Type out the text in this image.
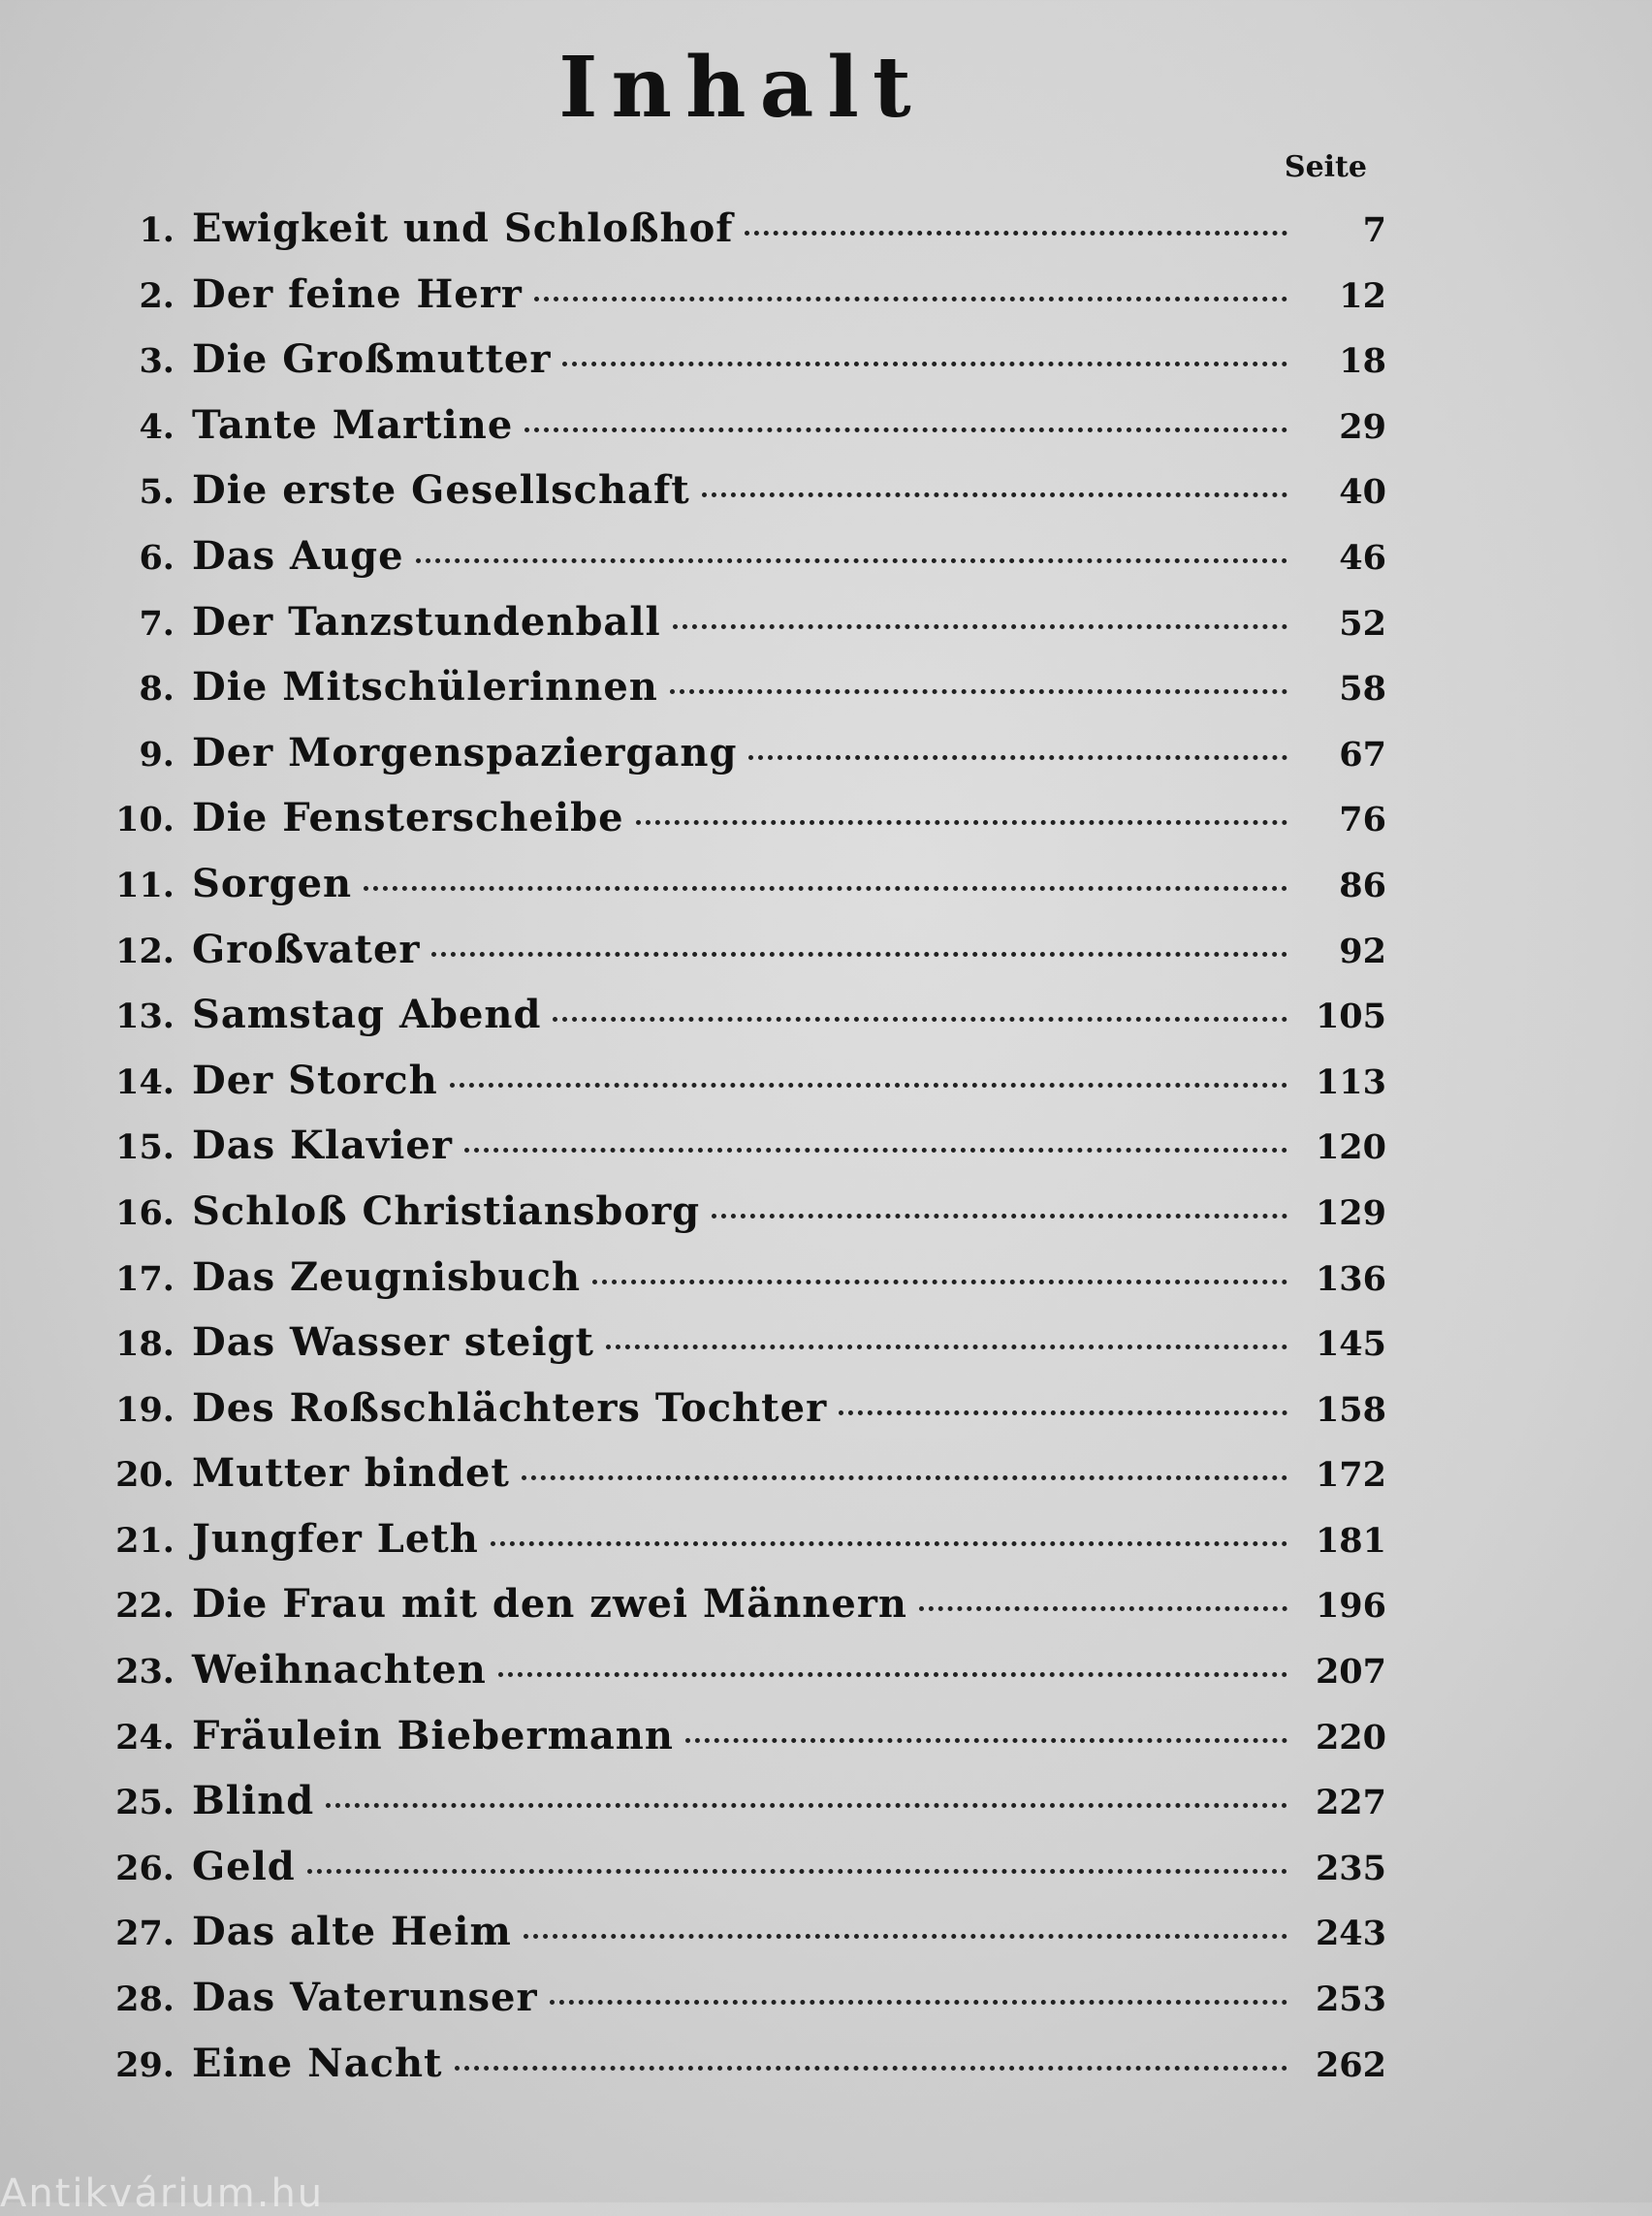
Inhalt
Seite
1. Ewigkeit und Schloßhof	7
2. Der feine Herr	12
3. Die Großmutter	18
4. Tante Martine	29
5. Die erste Gesellschaft	40
6. Das Auge	46
7. Der Tanzstundenball	52
8. Die Mitschülerinnen	58
9. Der Morgenspaziergang	67
10. Die Fensterscheibe	76
11. Sorgen	86
12. Großvater	92
13. Samstag Abend	105
14. Der Storch	113
15. Das Klavier	120
16. Schloß Christiansborg	129
17. Das Zeugnisbuch	136
18. Das Wasser steigt	145
19. Des Roßschlächters Tochter	158
20. Mutter bindet	172
21. Jungfer Leth	181
22. Die Frau mit den zwei Männern	196
23. Weihnachten	207
24. Fräulein Biebermann	220
25. Blind	227
26. Geld	235
27. Das alte Heim	243
28. Das Vaterunser	253
29. Eine Nacht	262
Antikvárium.hu
